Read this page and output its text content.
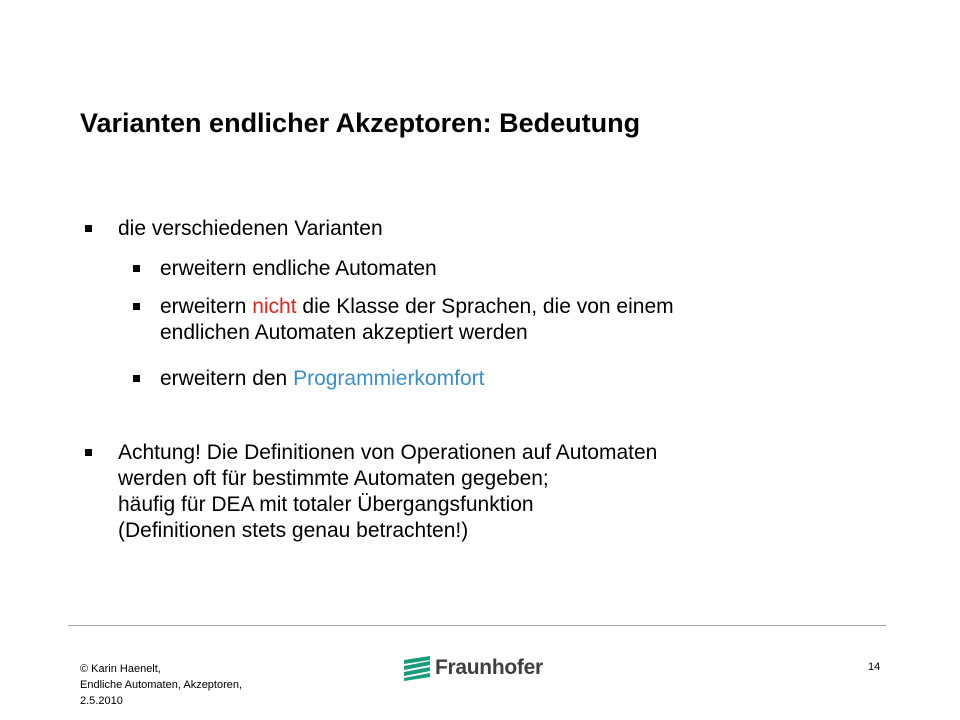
Varianten endlicher Akzeptoren: Bedeutung
die verschiedenen Varianten
erweitern endliche Automaten
erweitern nicht die Klasse der Sprachen, die von einem
endlichen Automaten akzeptiert werden
erweitern den Programmierkomfort
Achtung! Die Definitionen von Operationen auf Automaten
werden oft für bestimmte Automaten gegeben;
häufig für DEA mit totaler Übergangsfunktion
(Definitionen stets genau betrachten!)
© Karin Haenelt,
Endliche Automaten, Akzeptoren,
2.5.2010
Fraunhofer	14
